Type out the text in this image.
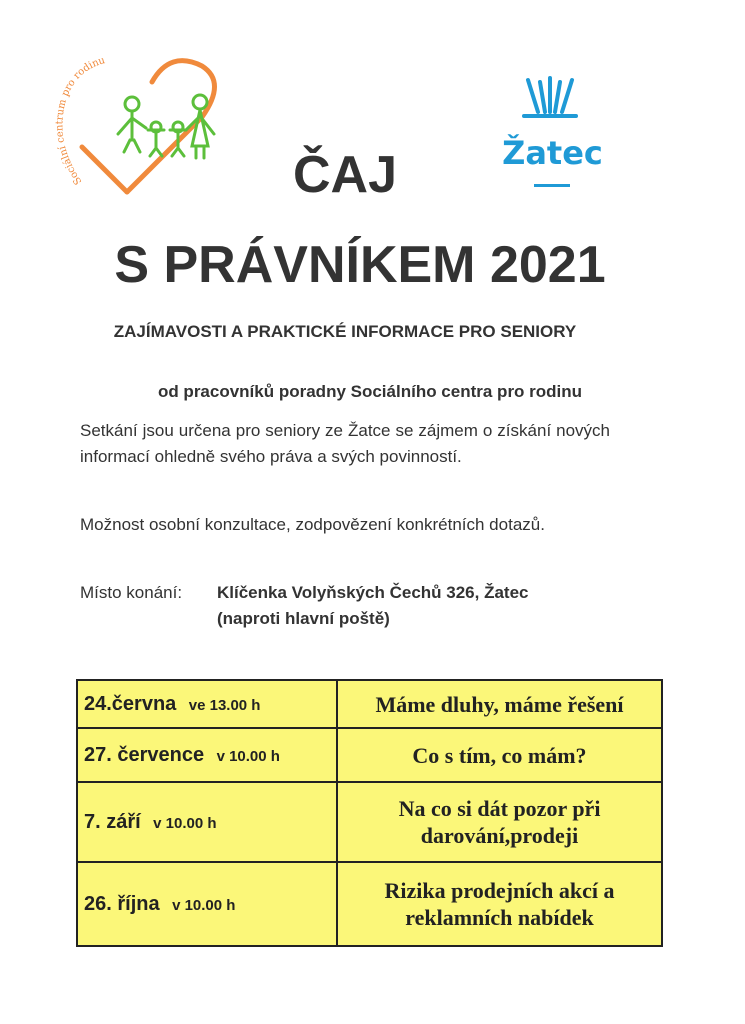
Sociální centrum pro rodinu
Žatec
ČAJ
S PRÁVNÍKEM 2021
ZAJÍMAVOSTI A PRAKTICKÉ INFORMACE PRO SENIORY
od pracovníků poradny Sociálního centra pro rodinu
Setkání jsou určena pro seniory ze Žatce se zájmem o získání nových informací ohledně svého práva a svých povinností.
Možnost osobní konzultace, zodpovězení konkrétních dotazů.
Místo konání: Klíčenka Volyňských Čechů 326, Žatec
(naproti hlavní poště)
24.června ve 13.00 h	Máme dluhy, máme řešení
27. července v 10.00 h	Co s tím, co mám?
7. září v 10.00 h	Na co si dát pozor při darování,prodeji
26. října v 10.00 h	Rizika prodejních akcí a reklamních nabídek
